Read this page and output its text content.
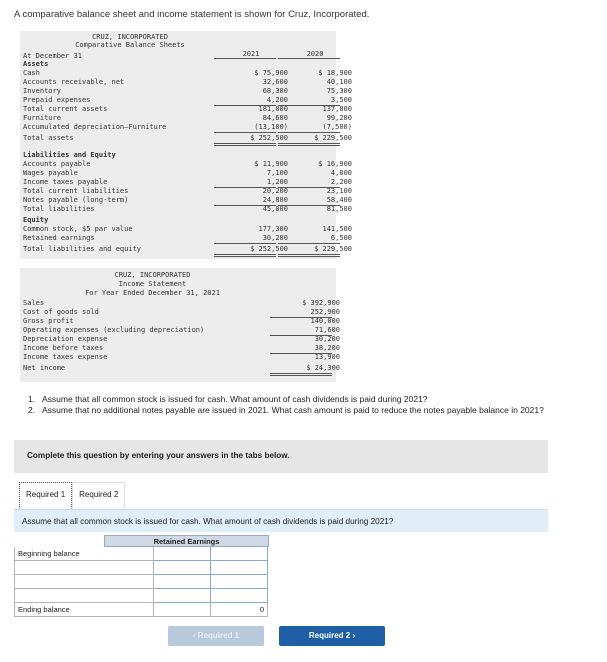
A comparative balance sheet and income statement is shown for Cruz, Incorporated.
CRUZ, INCORPORATED
Comparative Balance Sheets
At December 31	2021	2020
Assets
Cash	$ 75,900	$ 18,900
Accounts receivable, net	32,600	40,100
Inventory	68,300	75,300
Prepaid expenses	4,200	3,500
Total current assets	181,000	137,800
Furniture	84,600	99,200
Accumulated depreciation—Furniture	(13,100)	(7,500)
Total assets	$ 252,500	$ 229,500
Liabilities and Equity
Accounts payable	$ 11,900	$ 16,900
Wages payable	7,100	4,000
Income taxes payable	1,200	2,200
Total current liabilities	20,200	23,100
Notes payable (long-term)	24,800	58,400
Total liabilities	45,000	81,500
Equity
Common stock, $5 par value	177,300	141,500
Retained earnings	30,200	6,500
Total liabilities and equity	$ 252,500	$ 229,500
CRUZ, INCORPORATED
Income Statement
For Year Ended December 31, 2021
Sales	$ 392,900
Cost of goods sold	252,900
Gross profit	140,000
Operating expenses (excluding depreciation)	71,600
Depreciation expense	30,200
Income before taxes	38,200
Income taxes expense	13,900
Net income	$ 24,300
1. Assume that all common stock is issued for cash. What amount of cash dividends is paid during 2021?
2. Assume that no additional notes payable are issued in 2021. What cash amount is paid to reduce the notes payable balance in 2021?
Complete this question by entering your answers in the tabs below.
Required 1	Required 2
Assume that all common stock is issued for cash. What amount of cash dividends is paid during 2021?
Retained Earnings
Beginning balance
Ending balance	0
‹ Required 1	Required 2 ›
